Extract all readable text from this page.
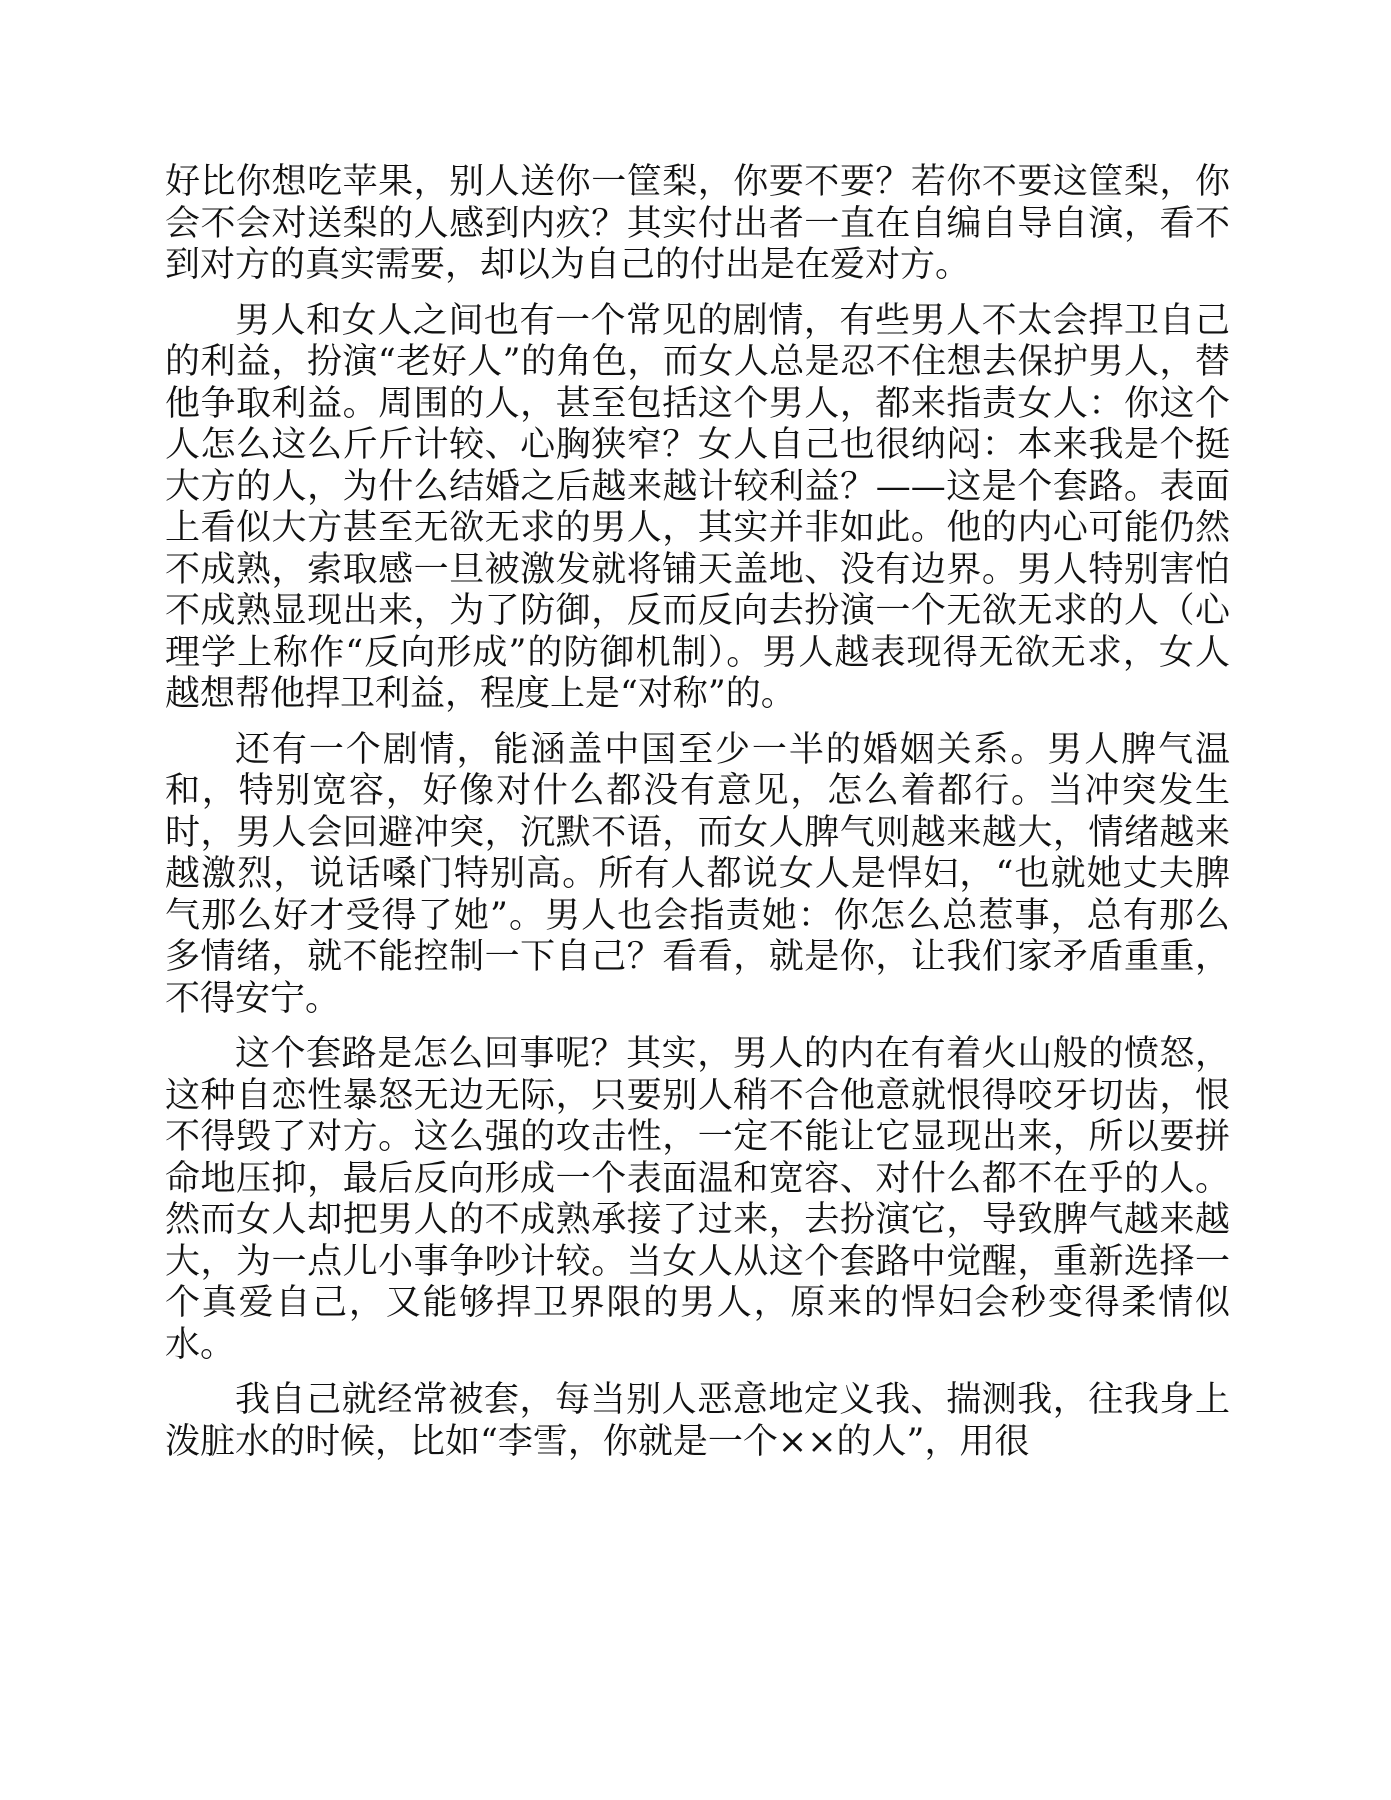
好比你想吃苹果，别人送你一筐梨，你要不要？若你不要这筐梨，你会不会对送梨的人感到内疚？其实付出者一直在自编自导自演，看不到对方的真实需要，却以为自己的付出是在爱对方。

男人和女人之间也有一个常见的剧情，有些男人不太会捍卫自己的利益，扮演“老好人”的角色，而女人总是忍不住想去保护男人，替他争取利益。周围的人，甚至包括这个男人，都来指责女人：你这个人怎么这么斤斤计较、心胸狭窄？女人自己也很纳闷：本来我是个挺大方的人，为什么结婚之后越来越计较利益？——这是个套路。表面上看似大方甚至无欲无求的男人，其实并非如此。他的内心可能仍然不成熟，索取感一旦被激发就将铺天盖地、没有边界。男人特别害怕不成熟显现出来，为了防御，反而反向去扮演一个无欲无求的人（心理学上称作“反向形成”的防御机制）。男人越表现得无欲无求，女人越想帮他捍卫利益，程度上是“对称”的。

还有一个剧情，能涵盖中国至少一半的婚姻关系。男人脾气温和，特别宽容，好像对什么都没有意见，怎么着都行。当冲突发生时，男人会回避冲突，沉默不语，而女人脾气则越来越大，情绪越来越激烈，说话嗓门特别高。所有人都说女人是悍妇，“也就她丈夫脾气那么好才受得了她”。男人也会指责她：你怎么总惹事，总有那么多情绪，就不能控制一下自己？看看，就是你，让我们家矛盾重重，不得安宁。

这个套路是怎么回事呢？其实，男人的内在有着火山般的愤怒，这种自恋性暴怒无边无际，只要别人稍不合他意就恨得咬牙切齿，恨不得毁了对方。这么强的攻击性，一定不能让它显现出来，所以要拼命地压抑，最后反向形成一个表面温和宽容、对什么都不在乎的人。然而女人却把男人的不成熟承接了过来，去扮演它，导致脾气越来越大，为一点儿小事争吵计较。当女人从这个套路中觉醒，重新选择一个真爱自己，又能够捍卫界限的男人，原来的悍妇会秒变得柔情似水。

我自己就经常被套，每当别人恶意地定义我、揣测我，往我身上泼脏水的时候，比如“李雪，你就是一个××的人”，用很
